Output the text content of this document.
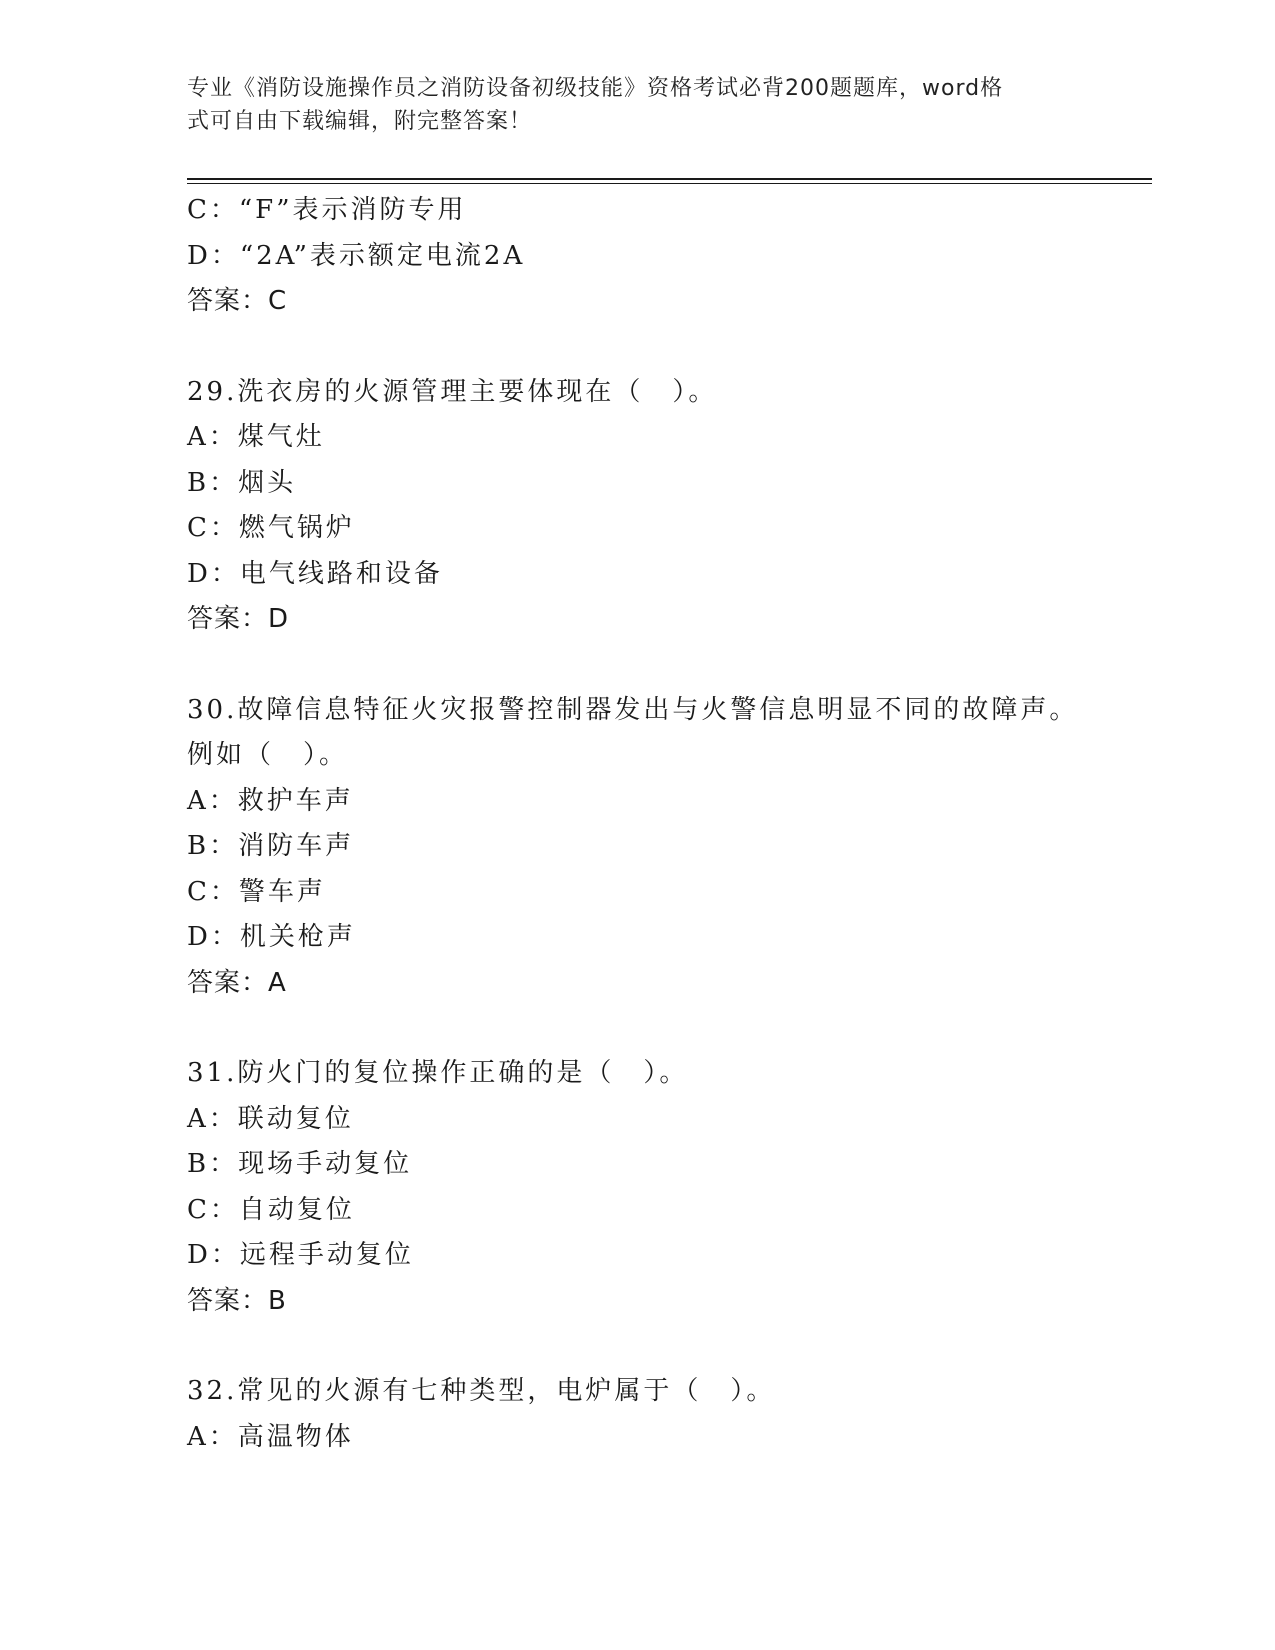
专业《消防设施操作员之消防设备初级技能》资格考试必背200题题库，word格
式可自由下载编辑，附完整答案！
C：“F”表示消防专用
D：“2A”表示额定电流2A
答案：C
29.洗衣房的火源管理主要体现在（　）。
A：煤气灶
B：烟头
C：燃气锅炉
D：电气线路和设备
答案：D
30.故障信息特征火灾报警控制器发出与火警信息明显不同的故障声。
例如（　）。
A：救护车声
B：消防车声
C：警车声
D：机关枪声
答案：A
31.防火门的复位操作正确的是（　）。
A：联动复位
B：现场手动复位
C：自动复位
D：远程手动复位
答案：B
32.常见的火源有七种类型，电炉属于（　）。
A：高温物体
